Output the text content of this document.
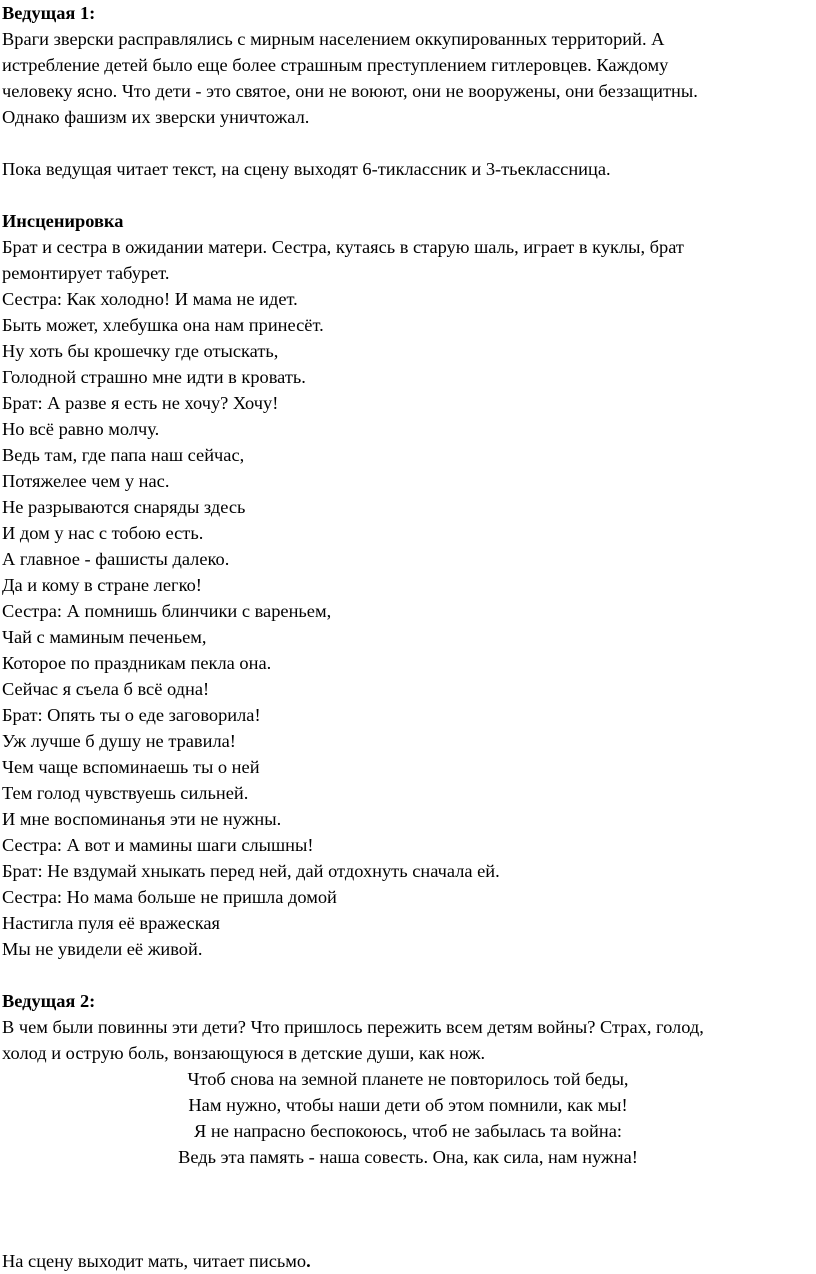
Ведущая 1:
Враги зверски расправлялись с мирным населением оккупированных территорий. А
истребление детей было еще более страшным преступлением гитлеровцев. Каждому
человеку ясно. Что дети - это святое, они не воюют, они не вооружены, они беззащитны.
Однако фашизм их зверски уничтожал.
Пока ведущая читает текст, на сцену выходят 6-тиклассник и 3-тьеклассница.
Инсценировка
Брат и сестра в ожидании матери. Сестра, кутаясь в старую шаль, играет в куклы, брат
ремонтирует табурет.
Сестра: Как холодно! И мама не идет.
Быть может, хлебушка она нам принесёт.
Ну хоть бы крошечку где отыскать,
Голодной страшно мне идти в кровать.
Брат: А разве я есть не хочу? Хочу!
Но всё равно молчу.
Ведь там, где папа наш сейчас,
Потяжелее чем у нас.
Не разрываются снаряды здесь
И дом у нас с тобою есть.
А главное - фашисты далеко.
Да и кому в стране легко!
Сестра: А помнишь блинчики с вареньем,
Чай с маминым печеньем,
Которое по праздникам пекла она.
Сейчас я съела б всё одна!
Брат: Опять ты о еде заговорила!
Уж лучше б душу не травила!
Чем чаще вспоминаешь ты о ней
Тем голод чувствуешь сильней.
И мне воспоминанья эти не нужны.
Сестра: А вот и мамины шаги слышны!
Брат: Не вздумай хныкать перед ней, дай отдохнуть сначала ей.
Сестра: Но мама больше не пришла домой
Настигла пуля её вражеская
Мы не увидели её живой.
Ведущая 2:
В чем были повинны эти дети? Что пришлось пережить всем детям войны? Страх, голод,
холод и острую боль, вонзающуюся в детские души, как нож.
Чтоб снова на земной планете не повторилось той беды,
Нам нужно, чтобы наши дети об этом помнили, как мы!
Я не напрасно беспокоюсь, чтоб не забылась та война:
Ведь эта память - наша совесть. Она, как сила, нам нужна!
На сцену выходит мать, читает письмо.
